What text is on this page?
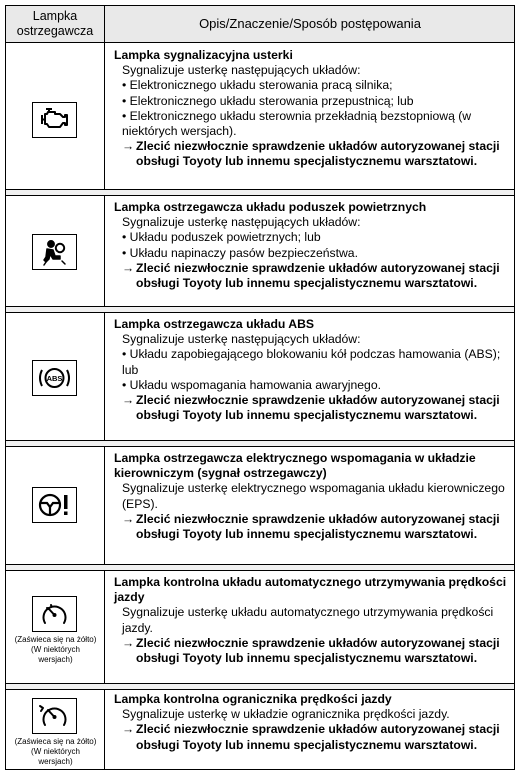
Lampka
ostrzegawcza	Opis/Znaczenie/Sposób postępowania
Lampka sygnalizacyjna usterki
Sygnalizuje usterkę następujących układów:
• Elektronicznego układu sterowania pracą silnika;
• Elektronicznego układu sterowania przepustnicą; lub
• Elektronicznego układu sterownia przekładnią bezstopniową (w niektórych wersjach).
→ Zlecić niezwłocznie sprawdzenie układów autoryzowanej stacji obsługi Toyoty lub innemu specjalistycznemu warsztatowi.
Lampka ostrzegawcza układu poduszek powietrznych
Sygnalizuje usterkę następujących układów:
• Układu poduszek powietrznych; lub
• Układu napinaczy pasów bezpieczeństwa.
→ Zlecić niezwłocznie sprawdzenie układów autoryzowanej stacji obsługi Toyoty lub innemu specjalistycznemu warsztatowi.
ABS
Lampka ostrzegawcza układu ABS
Sygnalizuje usterkę następujących układów:
• Układu zapobiegającego blokowaniu kół podczas hamowania (ABS); lub
• Układu wspomagania hamowania awaryjnego.
→ Zlecić niezwłocznie sprawdzenie układów autoryzowanej stacji obsługi Toyoty lub innemu specjalistycznemu warsztatowi.
Lampka ostrzegawcza elektrycznego wspomagania w układzie kierowniczym (sygnał ostrzegawczy)
Sygnalizuje usterkę elektrycznego wspomagania układu kierowniczego (EPS).
→ Zlecić niezwłocznie sprawdzenie układów autoryzowanej stacji obsługi Toyoty lub innemu specjalistycznemu warsztatowi.
(Zaświeca się na żółto)
(W niektórych
wersjach)
Lampka kontrolna układu automatycznego utrzymywania prędkości jazdy
Sygnalizuje usterkę układu automatycznego utrzymywania prędkości jazdy.
→ Zlecić niezwłocznie sprawdzenie układów autoryzowanej stacji obsługi Toyoty lub innemu specjalistycznemu warsztatowi.
(Zaświeca się na żółto)
(W niektórych
wersjach)
Lampka kontrolna ogranicznika prędkości jazdy
Sygnalizuje usterkę w układzie ogranicznika prędkości jazdy.
→ Zlecić niezwłocznie sprawdzenie układów autoryzowanej stacji obsługi Toyoty lub innemu specjalistycznemu warsztatowi.
